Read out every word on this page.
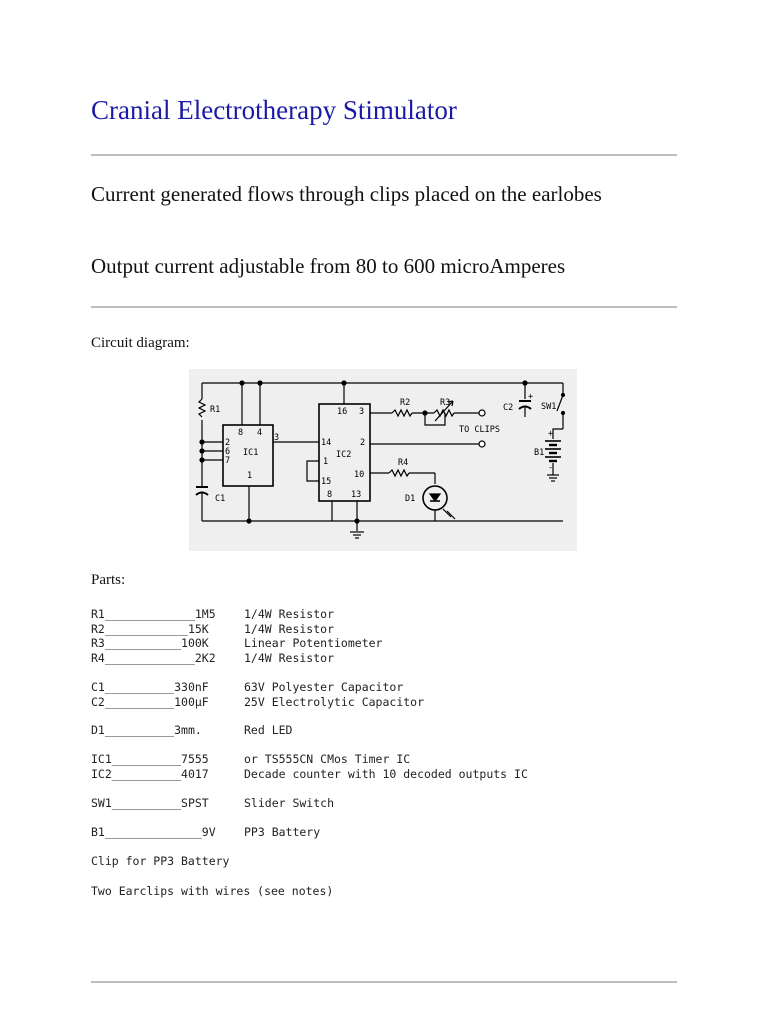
Cranial Electrotherapy Stimulator

Current generated flows through clips placed on the earlobes

Output current adjustable from 80 to 600 microAmperes

Circuit diagram:

R1
C1
8 4
2
6
7
IC1
1
3
16 3
14	2
IC2
1
10
15
8 13
R2	R3
TO CLIPS
R4
D1
+
C2	SW1
+
B1
-

Parts:

R1_____________1M5 1/4W Resistor
R2____________15K	1/4W Resistor
R3___________100K	Linear Potentiometer
R4_____________2K2 1/4W Resistor
C1__________330nF	63V Polyester Capacitor
C2__________100µF	25V Electrolytic Capacitor
D1__________3mm.	Red LED
IC1__________7555	or TS555CN CMos Timer IC
IC2__________4017	Decade counter with 10 decoded outputs IC
SW1__________SPST	Slider Switch
B1______________9V PP3 Battery

Clip for PP3 Battery

Two Earclips with wires (see notes)
